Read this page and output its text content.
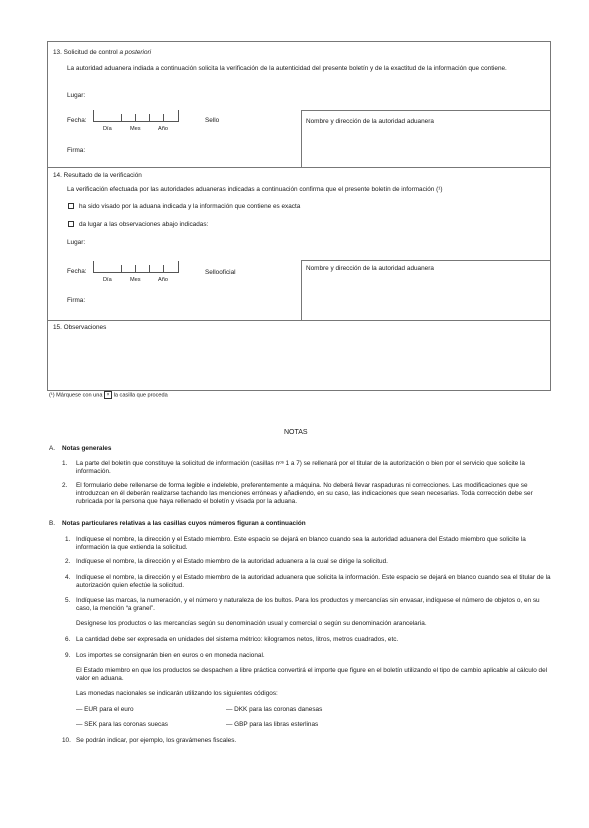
13. Solicitud de control a posteriori
La autoridad aduanera indiada a continuación solicita la verificación de la autenticidad del presente boletín y de la exactitud de la información que contiene.
Lugar:
Fecha:
Día	Mes	Año
Sello
Firma:
Nombre y dirección de la autoridad aduanera
14. Resultado de la verificación
La verificación efectuada por las autoridades aduaneras indicadas a continuación confirma que el presente boletín de información (¹)
ha sido visado por la aduana indicada y la información que contiene es exacta
da lugar a las observaciones abajo indicadas:
Lugar:
Fecha:
Día	Mes	Año
Sellooficial
Firma:
Nombre y dirección de la autoridad aduanera
15. Observaciones
(¹) Márquese con una × la casilla que proceda
NOTAS
A. Notas generales
1. La parte del boletín que constituye la solicitud de información (casillas nᵒˢ 1 a 7) se rellenará por el titular de la autorización o bien por el servicio que solicite la información.
2. El formulario debe rellenarse de forma legible e indeleble, preferentemente a máquina. No deberá llevar raspaduras ni correcciones. Las modificaciones que se introduzcan en él deberán realizarse tachando las menciones erróneas y añadiendo, en su caso, las indicaciones que sean necesarias. Toda corrección debe ser rubricada por la persona que haya rellenado el boletín y visada por la aduana.
B. Notas particulares relativas a las casillas cuyos números figuran a continuación
1. Indíquese el nombre, la dirección y el Estado miembro. Este espacio se dejará en blanco cuando sea la autoridad aduanera del Estado miembro que solicite la información la que extienda la solicitud.
2. Indíquese el nombre, la dirección y el Estado miembro de la autoridad aduanera a la cual se dirige la solicitud.
4. Indíquese el nombre, la dirección y el Estado miembro de la autoridad aduanera que solicita la información. Este espacio se dejará en blanco cuando sea el titular de la autorización quien efectúe la solicitud.
5. Indíquese las marcas, la numeración, y el número y naturaleza de los bultos. Para los productos y mercancías sin envasar, indíquese el número de objetos o, en su caso, la mención “a granel”.
Desígnese los productos o las mercancías según su denominación usual y comercial o según su denominación arancelaria.
6. La cantidad debe ser expresada en unidades del sistema métrico: kilogramos netos, litros, metros cuadrados, etc.
9. Los importes se consignarán bien en euros o en moneda nacional.
El Estado miembro en que los productos se despachen a libre práctica convertirá el importe que figure en el boletín utilizando el tipo de cambio aplicable al cálculo del valor en aduana.
Las monedas nacionales se indicarán utilizando los siguientes códigos:
— EUR para el euro	— DKK para las coronas danesas
— SEK para las coronas suecas	— GBP para las libras esterlinas
10. Se podrán indicar, por ejemplo, los gravámenes fiscales.
